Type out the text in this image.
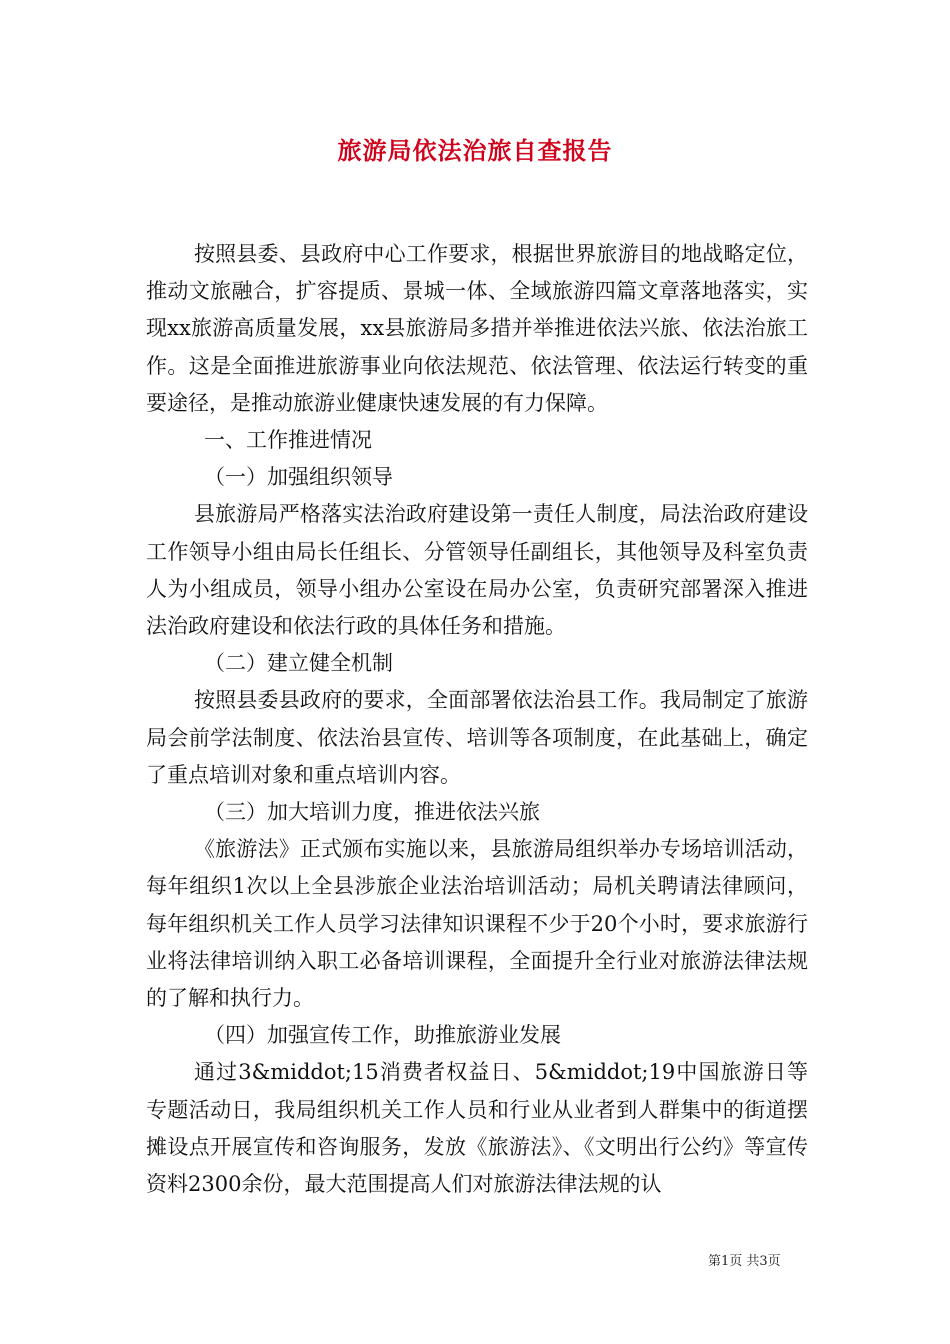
旅游局依法治旅自查报告

按照县委、县政府中心工作要求，根据世界旅游目的地战略定位，推动文旅融合，扩容提质、景城一体、全域旅游四篇文章落地落实，实现xx旅游高质量发展，xx县旅游局多措并举推进依法兴旅、依法治旅工作。这是全面推进旅游事业向依法规范、依法管理、依法运行转变的重要途径，是推动旅游业健康快速发展的有力保障。

一、工作推进情况

（一）加强组织领导

县旅游局严格落实法治政府建设第一责任人制度，局法治政府建设工作领导小组由局长任组长、分管领导任副组长，其他领导及科室负责人为小组成员，领导小组办公室设在局办公室，负责研究部署深入推进法治政府建设和依法行政的具体任务和措施。

（二）建立健全机制

按照县委县政府的要求，全面部署依法治县工作。我局制定了旅游局会前学法制度、依法治县宣传、培训等各项制度，在此基础上，确定了重点培训对象和重点培训内容。

（三）加大培训力度，推进依法兴旅

《旅游法》正式颁布实施以来，县旅游局组织举办专场培训活动，每年组织1次以上全县涉旅企业法治培训活动；局机关聘请法律顾问，每年组织机关工作人员学习法律知识课程不少于20个小时，要求旅游行业将法律培训纳入职工必备培训课程，全面提升全行业对旅游法律法规的了解和执行力。

（四）加强宣传工作，助推旅游业发展

通过3&middot;15消费者权益日、5&middot;19中国旅游日等专题活动日，我局组织机关工作人员和行业从业者到人群集中的街道摆摊设点开展宣传和咨询服务，发放《旅游法》、《文明出行公约》等宣传资料2300余份，最大范围提高人们对旅游法律法规的认

第1页 共3页
